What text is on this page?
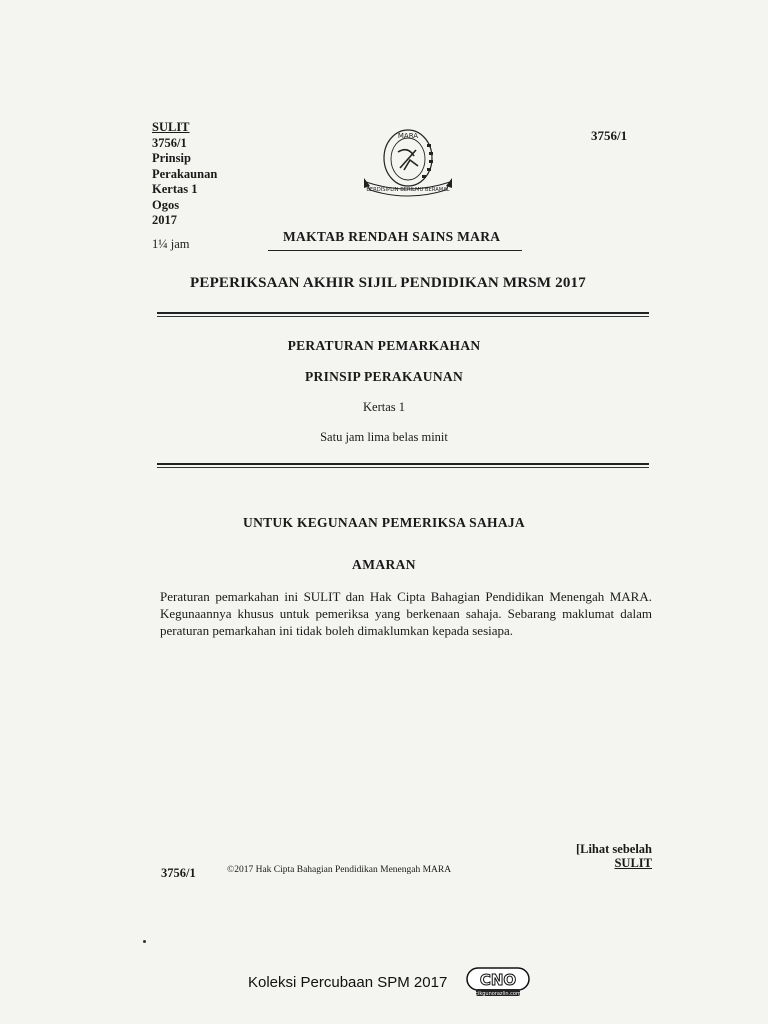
SULIT
3756/1
Prinsip
Perakaunan
Kertas 1
Ogos
2017
1¼ jam
3756/1
MARA
BERDISIPLIN BERILMU BERAMAL
MAKTAB RENDAH SAINS MARA
PEPERIKSAAN AKHIR SIJIL PENDIDIKAN MRSM 2017
PERATURAN PEMARKAHAN
PRINSIP PERAKAUNAN
Kertas 1
Satu jam lima belas minit
UNTUK KEGUNAAN PEMERIKSA SAHAJA
AMARAN
Peraturan pemarkahan ini SULIT dan Hak Cipta Bahagian Pendidikan Menengah MARA. Kegunaannya khusus untuk pemeriksa yang berkenaan sahaja. Sebarang maklumat dalam peraturan pemarkahan ini tidak boleh dimaklumkan kepada sesiapa.
[Lihat sebelah
SULIT
3756/1	©2017 Hak Cipta Bahagian Pendidikan Menengah MARA
Koleksi Percubaan SPM 2017 CNO
cikgunorazlin.com
